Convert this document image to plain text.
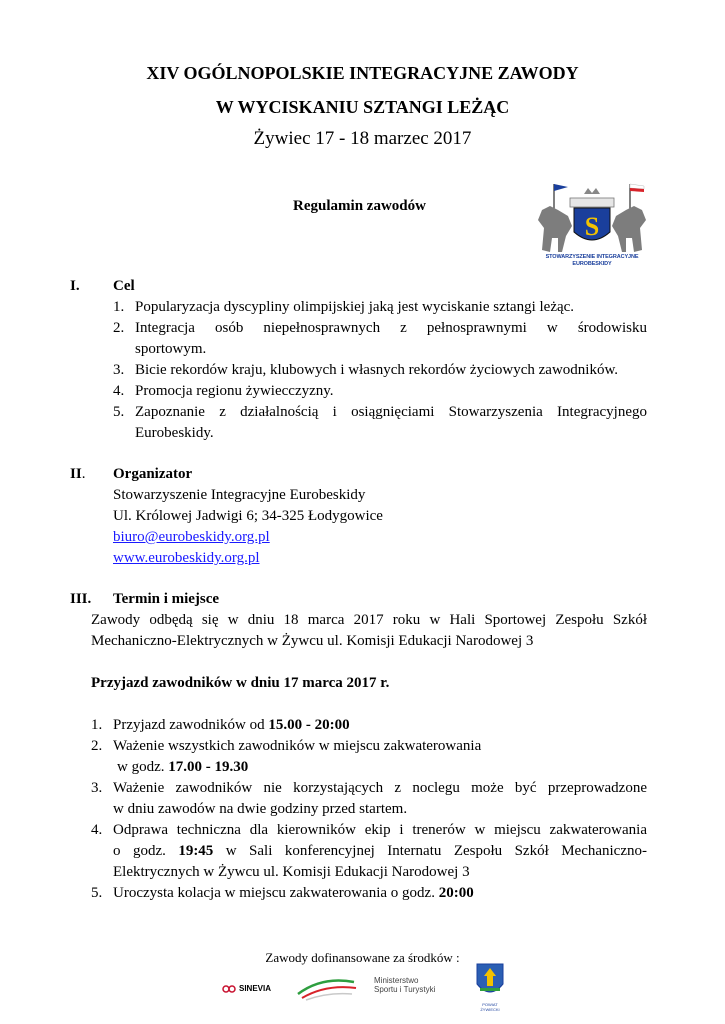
XIV OGÓLNOPOLSKIE INTEGRACYJNE ZAWODY
W WYCISKANIU SZTANGI LEŻĄC
Żywiec 17 - 18 marzec 2017
Regulamin zawodów
S
STOWARZYSZENIE INTEGRACYJNE EUROBESKIDY
I. Cel
1. Popularyzacja dyscypliny olimpijskiej jaką jest wyciskanie sztangi leżąc.
2. Integracja osób niepełnosprawnych z pełnosprawnymi w środowisku
sportowym.
3. Bicie rekordów kraju, klubowych i własnych rekordów życiowych zawodników.
4. Promocja regionu żywiecczyzny.
5. Zapoznanie z działalnością i osiągnięciami Stowarzyszenia Integracyjnego
Eurobeskidy.
II. Organizator
Stowarzyszenie Integracyjne Eurobeskidy
Ul. Królowej Jadwigi 6; 34-325 Łodygowice
biuro@eurobeskidy.org.pl
www.eurobeskidy.org.pl
III. Termin i miejsce
Zawody odbędą się w dniu 18 marca 2017 roku w Hali Sportowej Zespołu Szkół
Mechaniczno-Elektrycznych w Żywcu ul. Komisji Edukacji Narodowej 3
Przyjazd zawodników w dniu 17 marca 2017 r.
1. Przyjazd zawodników od 15.00 - 20:00
2. Ważenie wszystkich zawodników w miejscu zakwaterowania
w godz. 17.00 - 19.30
3. Ważenie zawodników nie korzystających z noclegu może być przeprowadzone
w dniu zawodów na dwie godziny przed startem.
4. Odprawa techniczna dla kierowników ekip i trenerów w miejscu zakwaterowania
o godz. 19:45 w Sali konferencyjnej Internatu Zespołu Szkół Mechaniczno-
Elektrycznych w Żywcu ul. Komisji Edukacji Narodowej 3
5. Uroczysta kolacja w miejscu zakwaterowania o godz. 20:00
Zawody dofinansowane za środków :
SINEVIA
Ministerstwo
Sportu i Turystyki
POWIAT ŻYWIECKI
